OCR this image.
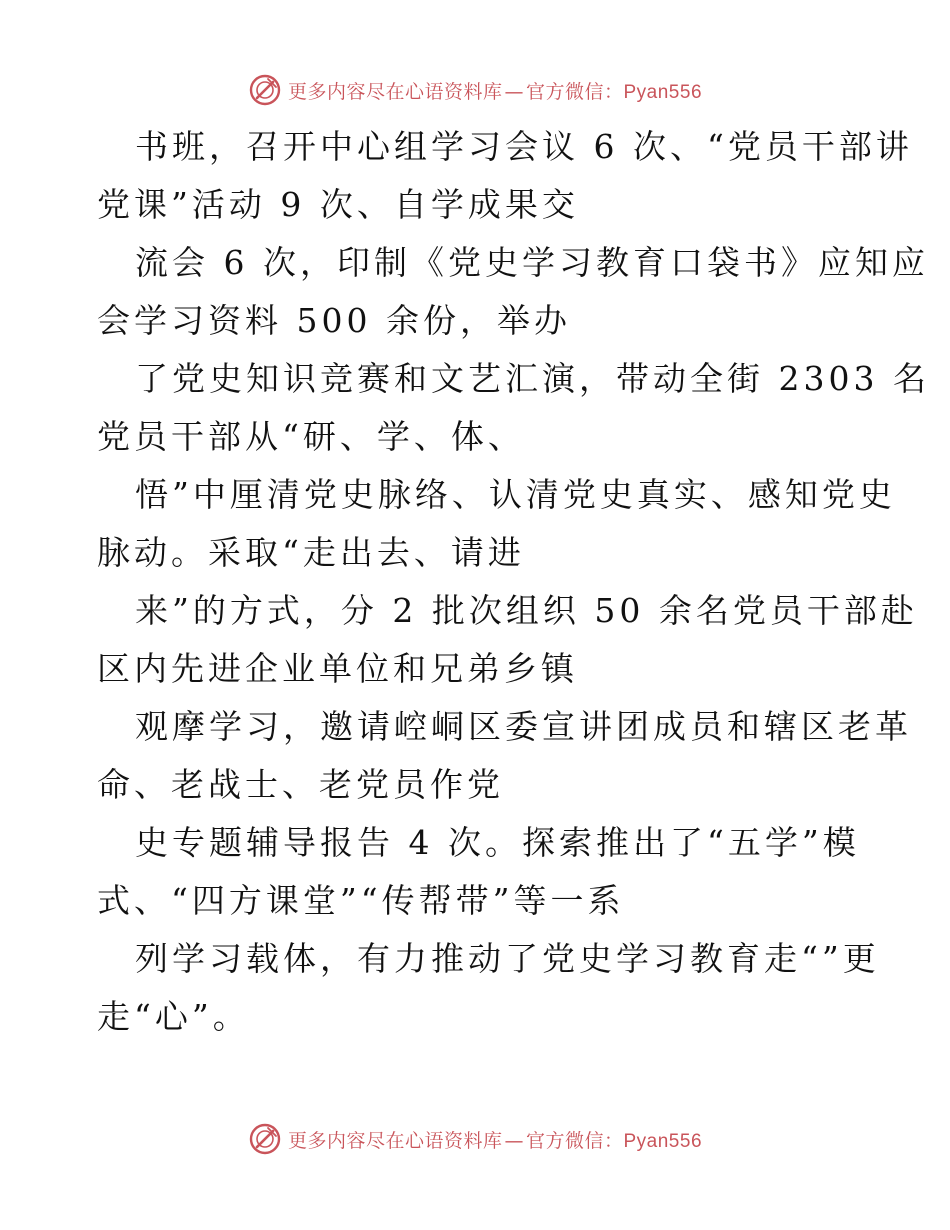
更多内容尽在心语资料库 — 官方微信：Pyan556

书班，召开中心组学习会议 6 次、“党员干部讲
党课”活动 9 次、自学成果交

流会 6 次，印制《党史学习教育口袋书》应知应
会学习资料 500 余份，举办

了党史知识竞赛和文艺汇演，带动全街 2303 名
党员干部从“研、学、体、

悟”中厘清党史脉络、认清党史真实、感知党史
脉动。采取“走出去、请进

来”的方式，分 2 批次组织 50 余名党员干部赴
区内先进企业单位和兄弟乡镇

观摩学习，邀请崆峒区委宣讲团成员和辖区老革
命、老战士、老党员作党

史专题辅导报告 4 次。探索推出了“五学”模
式、“四方课堂”“传帮带”等一系

列学习载体，有力推动了党史学习教育走“”更
走“心”。

更多内容尽在心语资料库 — 官方微信：Pyan556
